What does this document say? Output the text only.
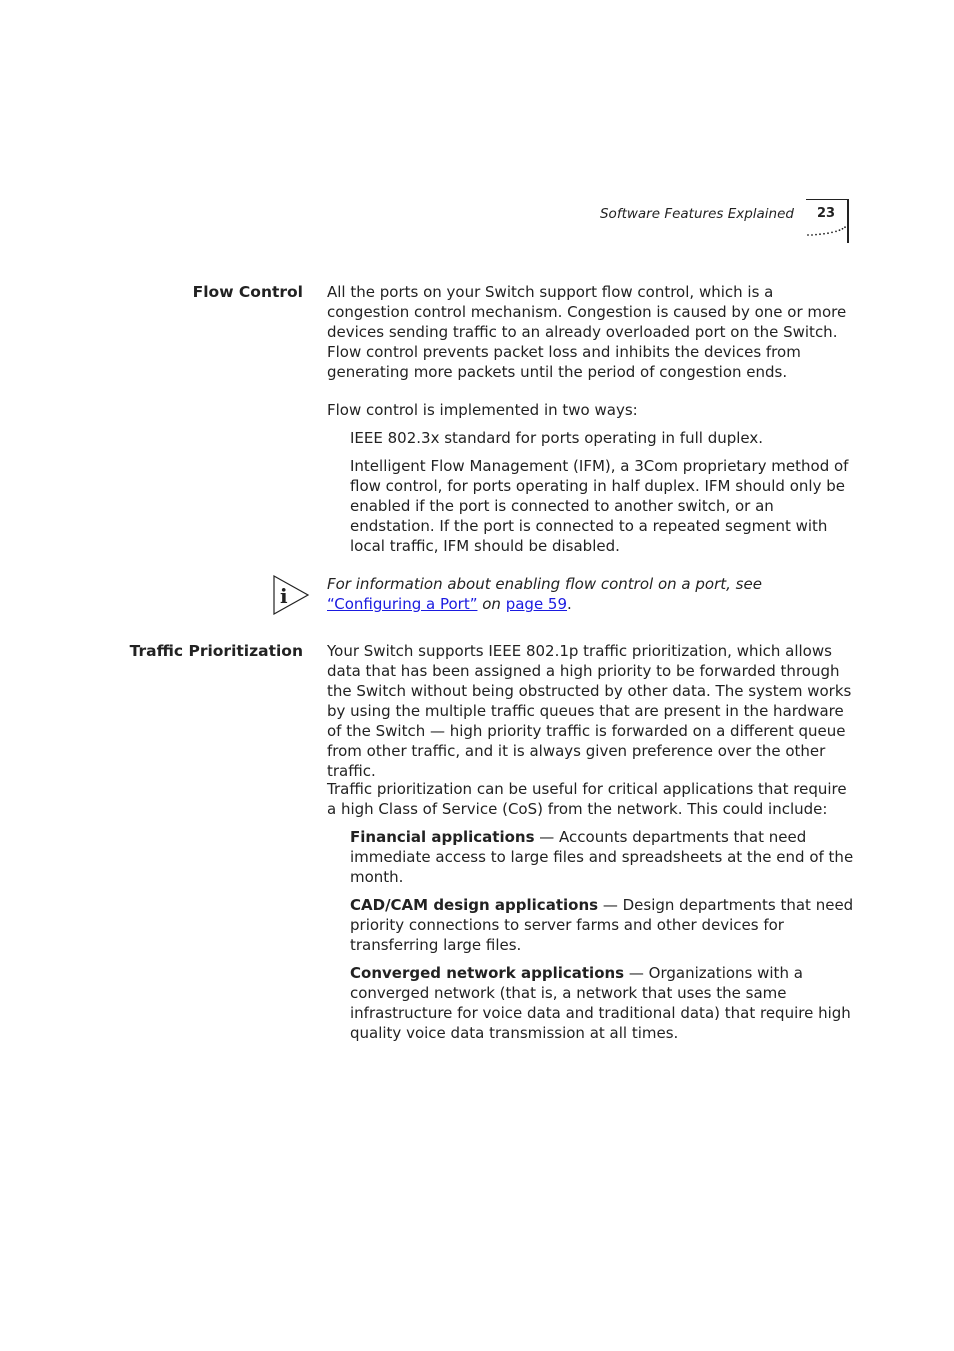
Software Features Explained	23
Flow Control All the ports on your Switch support flow control, which is a congestion control mechanism. Congestion is caused by one or more devices sending traffic to an already overloaded port on the Switch. Flow control prevents packet loss and inhibits the devices from generating more packets until the period of congestion ends.

Flow control is implemented in two ways:

IEEE 802.3x standard for ports operating in full duplex.

Intelligent Flow Management (IFM), a 3Com proprietary method of flow control, for ports operating in half duplex. IFM should only be enabled if the port is connected to another switch, or an endstation. If the port is connected to a repeated segment with local traffic, IFM should be disabled.

i	For information about enabling flow control on a port, see “Configuring a Port” on page 59.

Traffic Prioritization Your Switch supports IEEE 802.1p traffic prioritization, which allows data that has been assigned a high priority to be forwarded through the Switch without being obstructed by other data. The system works by using the multiple traffic queues that are present in the hardware of the Switch — high priority traffic is forwarded on a different queue from other traffic, and it is always given preference over the other traffic.

Traffic prioritization can be useful for critical applications that require a high Class of Service (CoS) from the network. This could include:

Financial applications — Accounts departments that need immediate access to large files and spreadsheets at the end of the month.

CAD/CAM design applications — Design departments that need priority connections to server farms and other devices for transferring large files.

Converged network applications — Organizations with a converged network (that is, a network that uses the same infrastructure for voice data and traditional data) that require high quality voice data transmission at all times.
